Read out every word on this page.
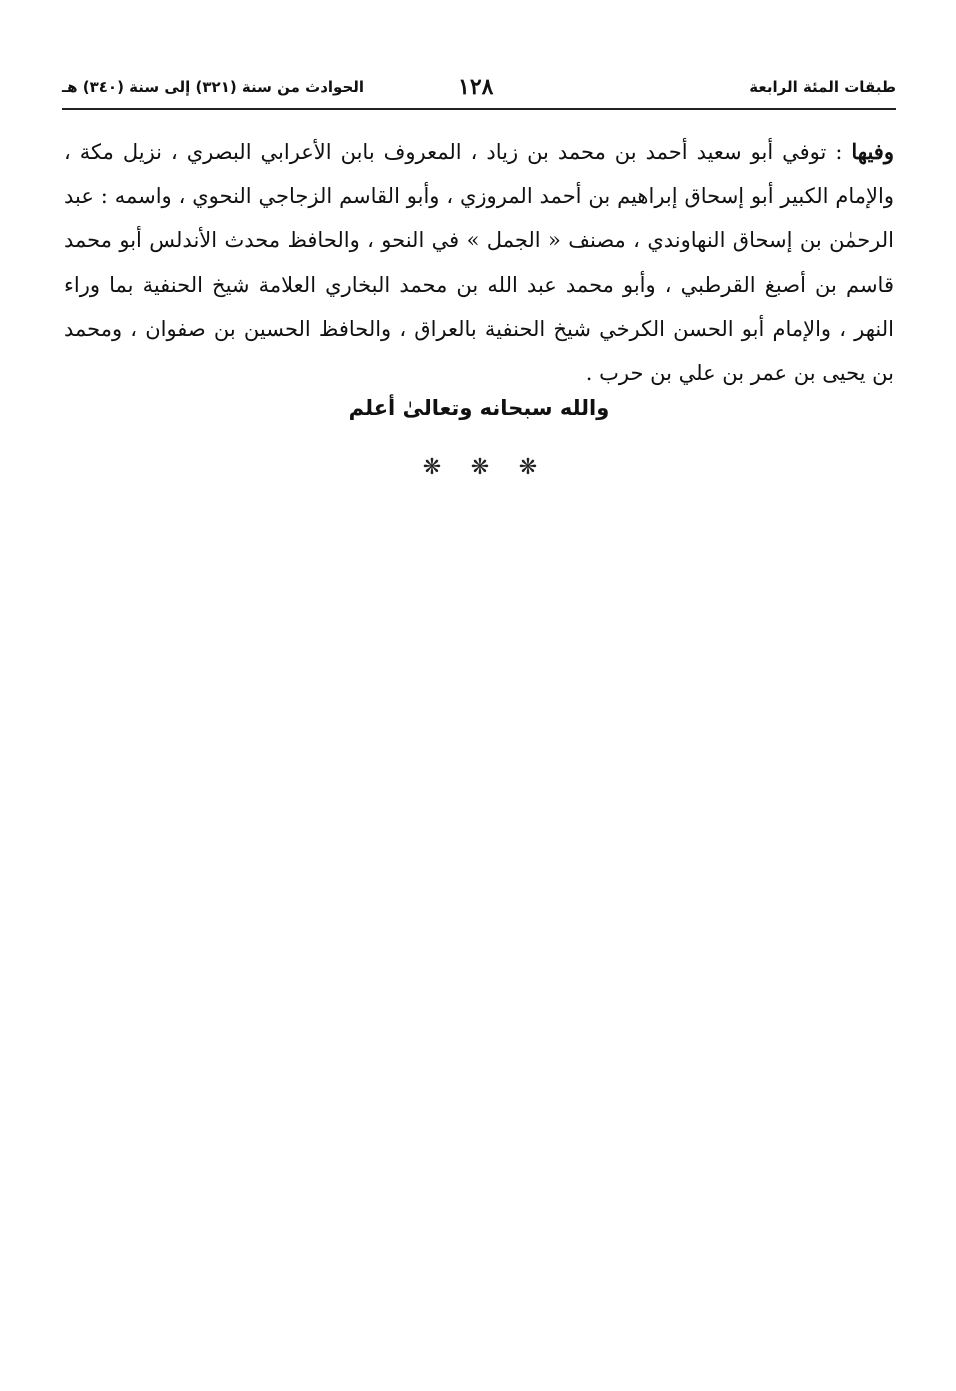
طبقات المئة الرابعة
١٢٨
الحوادث من سنة (٣٢١) إلى سنة (٣٤٠) هـ

وفيها : توفي أبو سعيد أحمد بن محمد بن زياد ، المعروف بابن الأعرابي البصري ، نزيل مكة ، والإمام الكبير أبو إسحاق إبراهيم بن أحمد المروزي ، وأبو القاسم الزجاجي النحوي ، واسمه : عبد الرحمٰن بن إسحاق النهاوندي ، مصنف « الجمل » في النحو ، والحافظ محدث الأندلس أبو محمد قاسم بن أصبغ القرطبي ، وأبو محمد عبد الله بن محمد البخاري العلامة شيخ الحنفية بما وراء النهر ، والإمام أبو الحسن الكرخي شيخ الحنفية بالعراق ، والحافظ الحسين بن صفوان ، ومحمد بن يحيى بن عمر بن علي بن حرب .

والله سبحانه وتعالىٰ أعلم
❋ ❋ ❋
